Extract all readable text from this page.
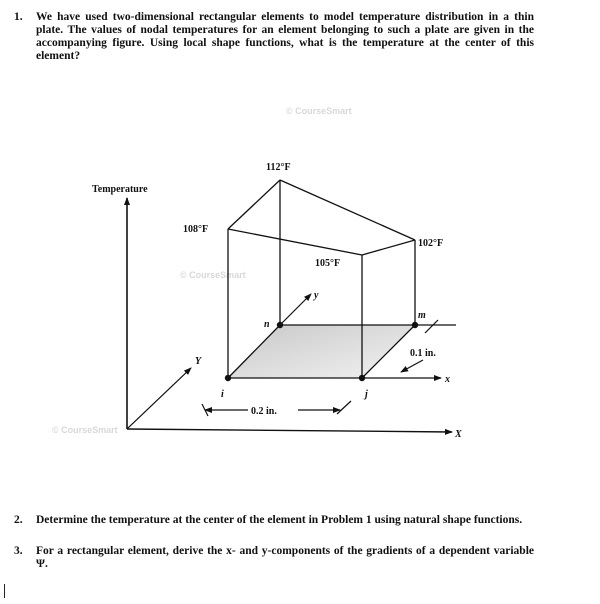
1.	We have used two-dimensional rectangular elements to model temperature distribution in a thin plate. The values of nodal temperatures for an element belonging to such a plate are given in the accompanying figure. Using local shape functions, what is the temperature at the center of this element?
© CourseSmart
© CourseSmart
© CourseSmart
Temperature
X
Y
x
y
i	j
m
n
108°F
112°F
102°F
105°F
0.2 in.
0.1 in.
2.	Determine the temperature at the center of the element in Problem 1 using natural shape functions.
3.	For a rectangular element, derive the x- and y-components of the gradients of a dependent variable Ψ.
